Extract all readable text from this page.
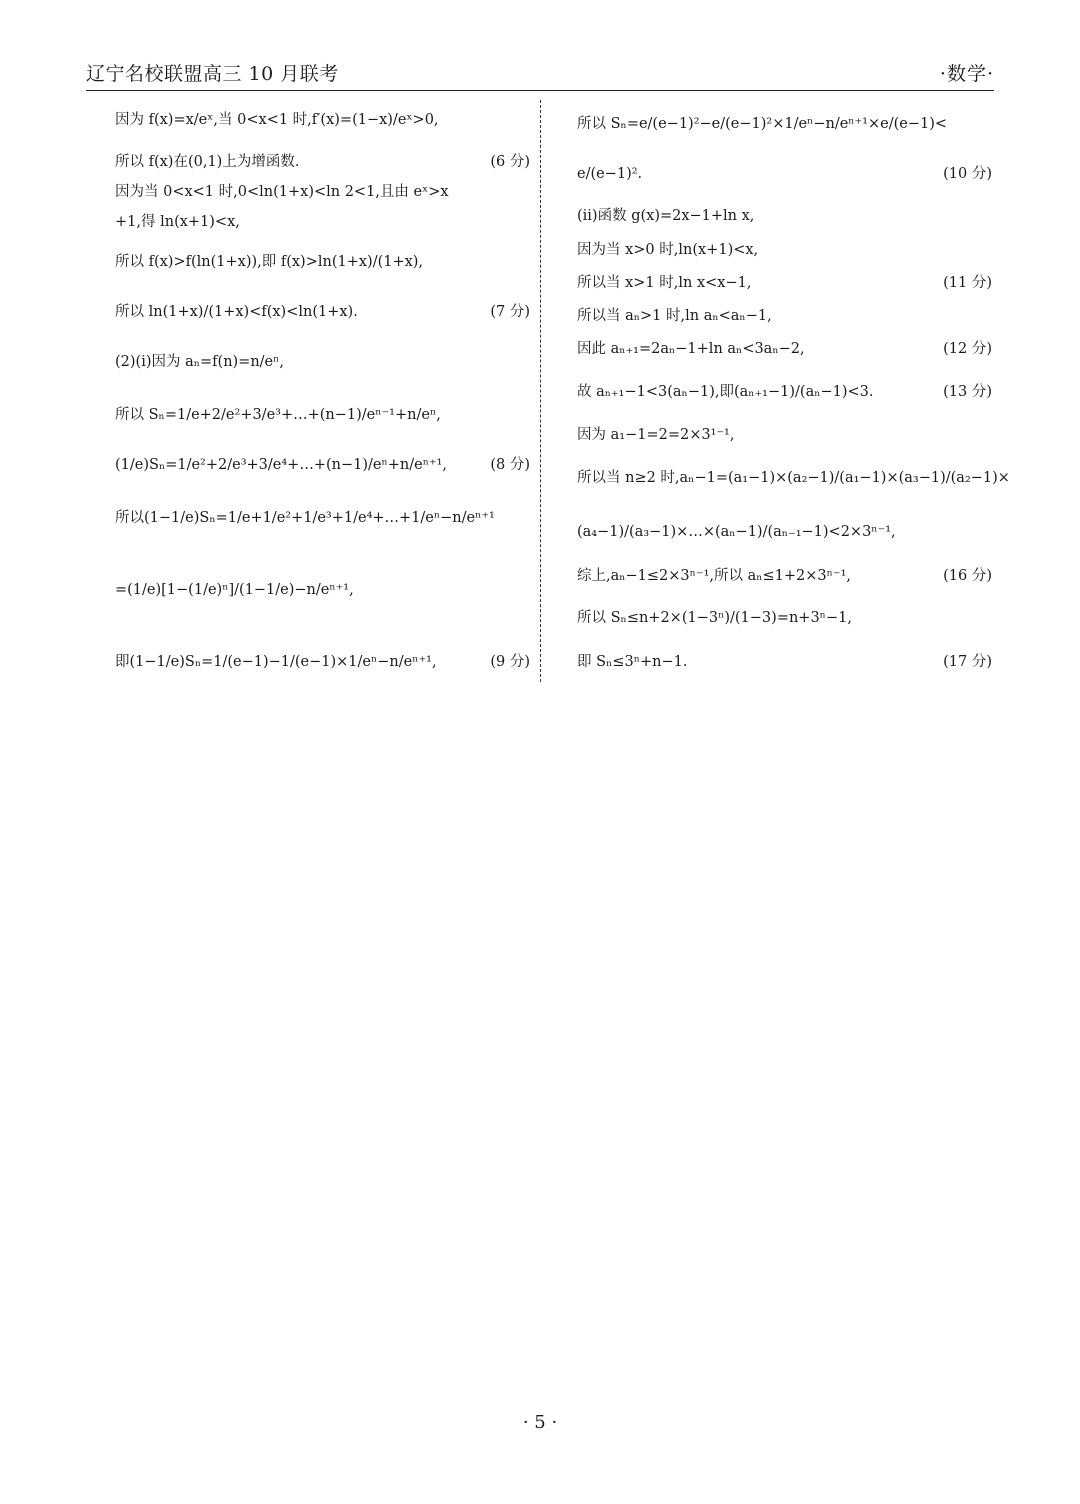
辽宁名校联盟高三 10 月联考	·数学·
因为 f(x)=x/eˣ,当 0<x<1 时,f′(x)=(1−x)/eˣ>0,
所以 f(x)在(0,1)上为增函数.	(6 分)
因为当 0<x<1 时,0<ln(1+x)<ln 2<1,且由 eˣ>x
+1,得 ln(x+1)<x,
所以 f(x)>f(ln(1+x)),即 f(x)>ln(1+x)/(1+x),
所以 ln(1+x)/(1+x)<f(x)<ln(1+x).	(7 分)
(2)(i)因为 aₙ=f(n)=n/eⁿ,
所以 Sₙ=1/e+2/e²+3/e³+…+(n−1)/eⁿ⁻¹+n/eⁿ,
(1/e)Sₙ=1/e²+2/e³+3/e⁴+…+(n−1)/eⁿ+n/eⁿ⁺¹,	(8 分)
所以(1−1/e)Sₙ=1/e+1/e²+1/e³+1/e⁴+…+1/eⁿ−n/eⁿ⁺¹
=(1/e)[1−(1/e)ⁿ]/(1−1/e)−n/eⁿ⁺¹,
即(1−1/e)Sₙ=1/(e−1)−1/(e−1)×1/eⁿ−n/eⁿ⁺¹,	(9 分)
所以 Sₙ=e/(e−1)²−e/(e−1)²×1/eⁿ−n/eⁿ⁺¹×e/(e−1)<
e/(e−1)².	(10 分)
(ii)函数 g(x)=2x−1+ln x,
因为当 x>0 时,ln(x+1)<x,
所以当 x>1 时,ln x<x−1,	(11 分)
所以当 aₙ>1 时,ln aₙ<aₙ−1,
因此 aₙ₊₁=2aₙ−1+ln aₙ<3aₙ−2,	(12 分)
故 aₙ₊₁−1<3(aₙ−1),即(aₙ₊₁−1)/(aₙ−1)<3.	(13 分)
因为 a₁−1=2=2×3¹⁻¹,
所以当 n≥2 时,aₙ−1=(a₁−1)×(a₂−1)/(a₁−1)×(a₃−1)/(a₂−1)×
(a₄−1)/(a₃−1)×…×(aₙ−1)/(aₙ₋₁−1)<2×3ⁿ⁻¹,
综上,aₙ−1≤2×3ⁿ⁻¹,所以 aₙ≤1+2×3ⁿ⁻¹,	(16 分)
所以 Sₙ≤n+2×(1−3ⁿ)/(1−3)=n+3ⁿ−1,
即 Sₙ≤3ⁿ+n−1.	(17 分)
· 5 ·
